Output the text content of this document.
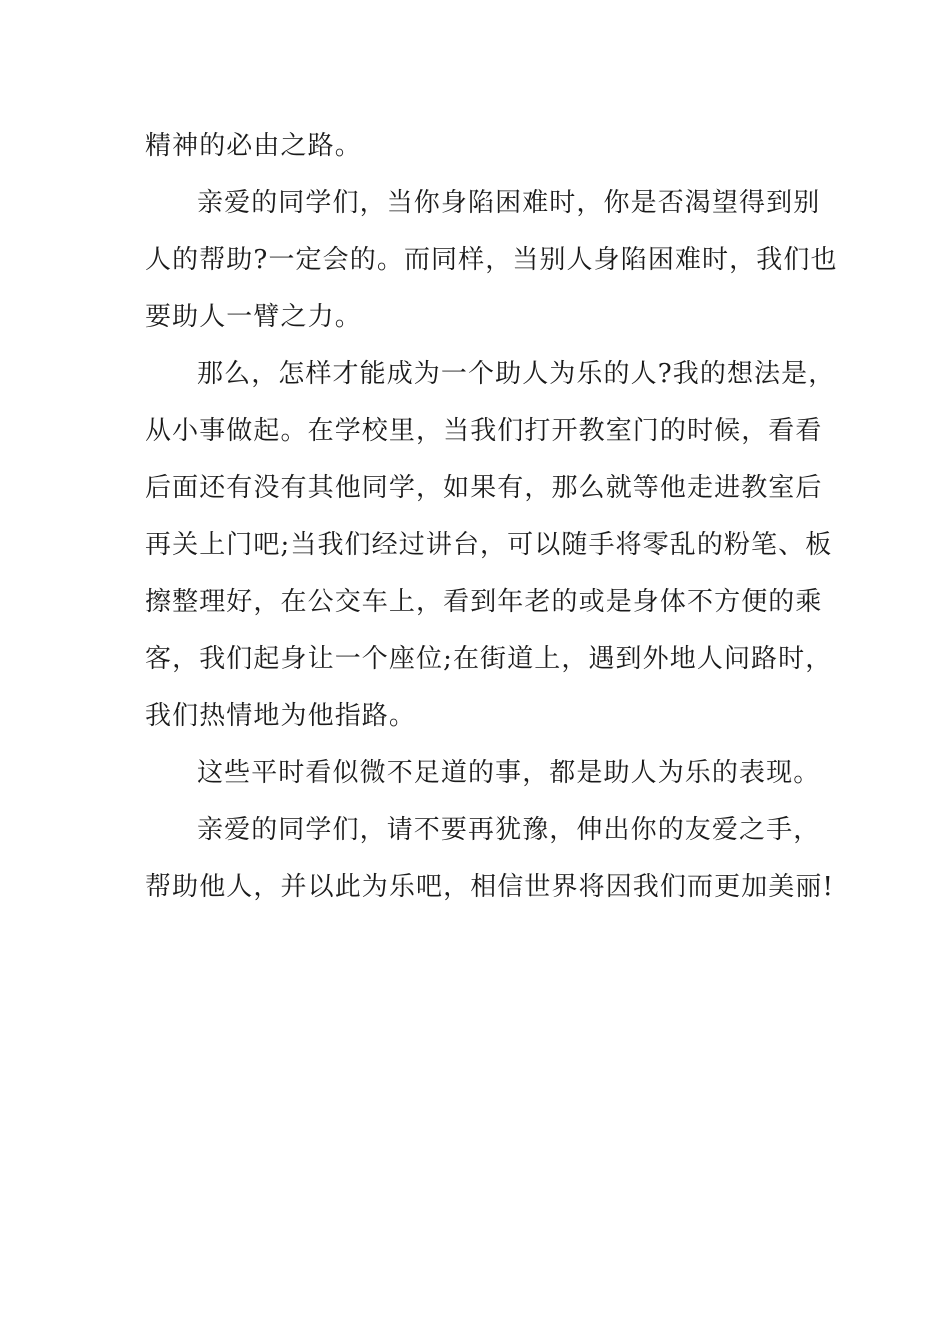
精神的必由之路。
亲爱的同学们，当你身陷困难时，你是否渴望得到别
人的帮助?一定会的。而同样，当别人身陷困难时，我们也
要助人一臂之力。
那么，怎样才能成为一个助人为乐的人?我的想法是，
从小事做起。在学校里，当我们打开教室门的时候，看看
后面还有没有其他同学，如果有，那么就等他走进教室后
再关上门吧;当我们经过讲台，可以随手将零乱的粉笔、板
擦整理好，在公交车上，看到年老的或是身体不方便的乘
客，我们起身让一个座位;在街道上，遇到外地人问路时，
我们热情地为他指路。
这些平时看似微不足道的事，都是助人为乐的表现。
亲爱的同学们，请不要再犹豫，伸出你的友爱之手，
帮助他人，并以此为乐吧，相信世界将因我们而更加美丽!
